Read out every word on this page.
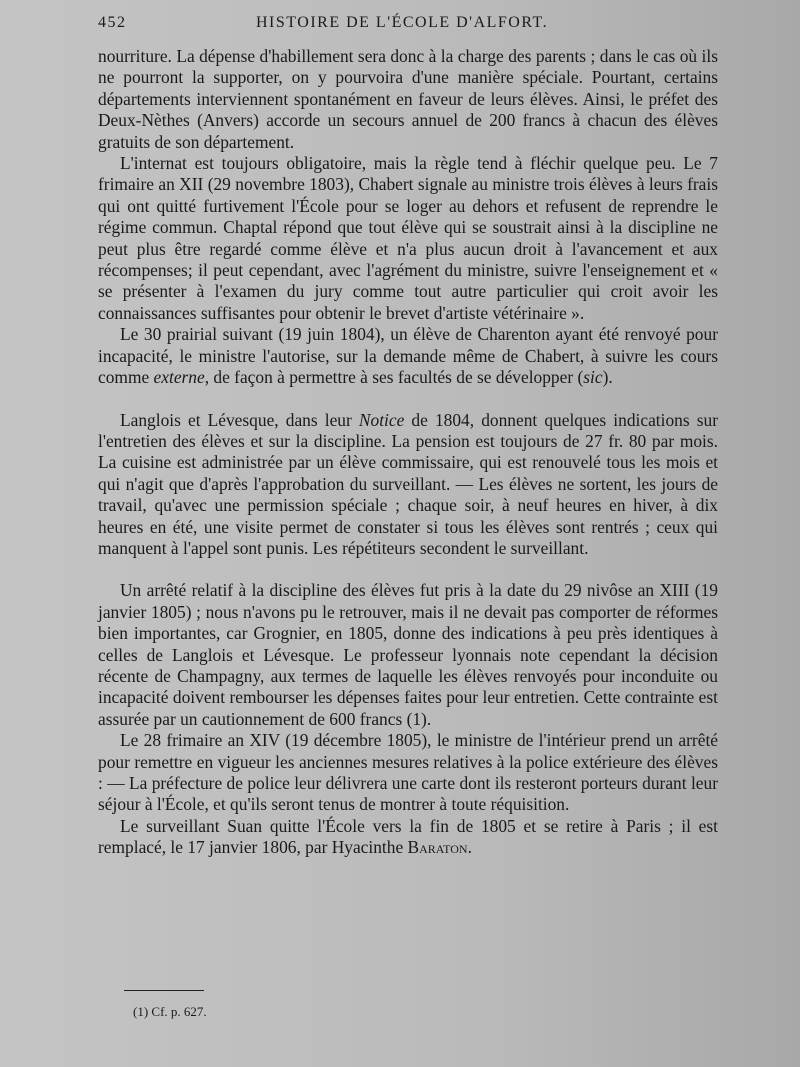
452	HISTOIRE DE L'ÉCOLE D'ALFORT.

nourriture. La dépense d'habillement sera donc à la charge des parents ; dans le cas où ils ne pourront la supporter, on y pourvoira d'une manière spéciale. Pourtant, certains départements interviennent spontanément en faveur de leurs élèves. Ainsi, le préfet des Deux-Nèthes (Anvers) accorde un secours annuel de 200 francs à chacun des élèves gratuits de son département.

L'internat est toujours obligatoire, mais la règle tend à fléchir quelque peu. Le 7 frimaire an XII (29 novembre 1803), Chabert signale au ministre trois élèves à leurs frais qui ont quitté furtivement l'École pour se loger au dehors et refusent de reprendre le régime commun. Chaptal répond que tout élève qui se soustrait ainsi à la discipline ne peut plus être regardé comme élève et n'a plus aucun droit à l'avancement et aux récompenses; il peut cependant, avec l'agrément du ministre, suivre l'enseignement et « se présenter à l'examen du jury comme tout autre particulier qui croit avoir les connaissances suffisantes pour obtenir le brevet d'artiste vétérinaire ».

Le 30 prairial suivant (19 juin 1804), un élève de Charenton ayant été renvoyé pour incapacité, le ministre l'autorise, sur la demande même de Chabert, à suivre les cours comme externe, de façon à permettre à ses facultés de se développer (sic).

Langlois et Lévesque, dans leur Notice de 1804, donnent quelques indications sur l'entretien des élèves et sur la discipline. La pension est toujours de 27 fr. 80 par mois. La cuisine est administrée par un élève commissaire, qui est renouvelé tous les mois et qui n'agit que d'après l'approbation du surveillant. — Les élèves ne sortent, les jours de travail, qu'avec une permission spéciale ; chaque soir, à neuf heures en hiver, à dix heures en été, une visite permet de constater si tous les élèves sont rentrés ; ceux qui manquent à l'appel sont punis. Les répétiteurs secondent le surveillant.

Un arrêté relatif à la discipline des élèves fut pris à la date du 29 nivôse an XIII (19 janvier 1805) ; nous n'avons pu le retrouver, mais il ne devait pas comporter de réformes bien importantes, car Grognier, en 1805, donne des indications à peu près identiques à celles de Langlois et Lévesque. Le professeur lyonnais note cependant la décision récente de Champagny, aux termes de laquelle les élèves renvoyés pour inconduite ou incapacité doivent rembourser les dépenses faites pour leur entretien. Cette contrainte est assurée par un cautionnement de 600 francs (1).

Le 28 frimaire an XIV (19 décembre 1805), le ministre de l'intérieur prend un arrêté pour remettre en vigueur les anciennes mesures relatives à la police extérieure des élèves : — La préfecture de police leur délivrera une carte dont ils resteront porteurs durant leur séjour à l'École, et qu'ils seront tenus de montrer à toute réquisition.

Le surveillant Suan quitte l'École vers la fin de 1805 et se retire à Paris ; il est remplacé, le 17 janvier 1806, par Hyacinthe Baraton.

(1) Cf. p. 627.
